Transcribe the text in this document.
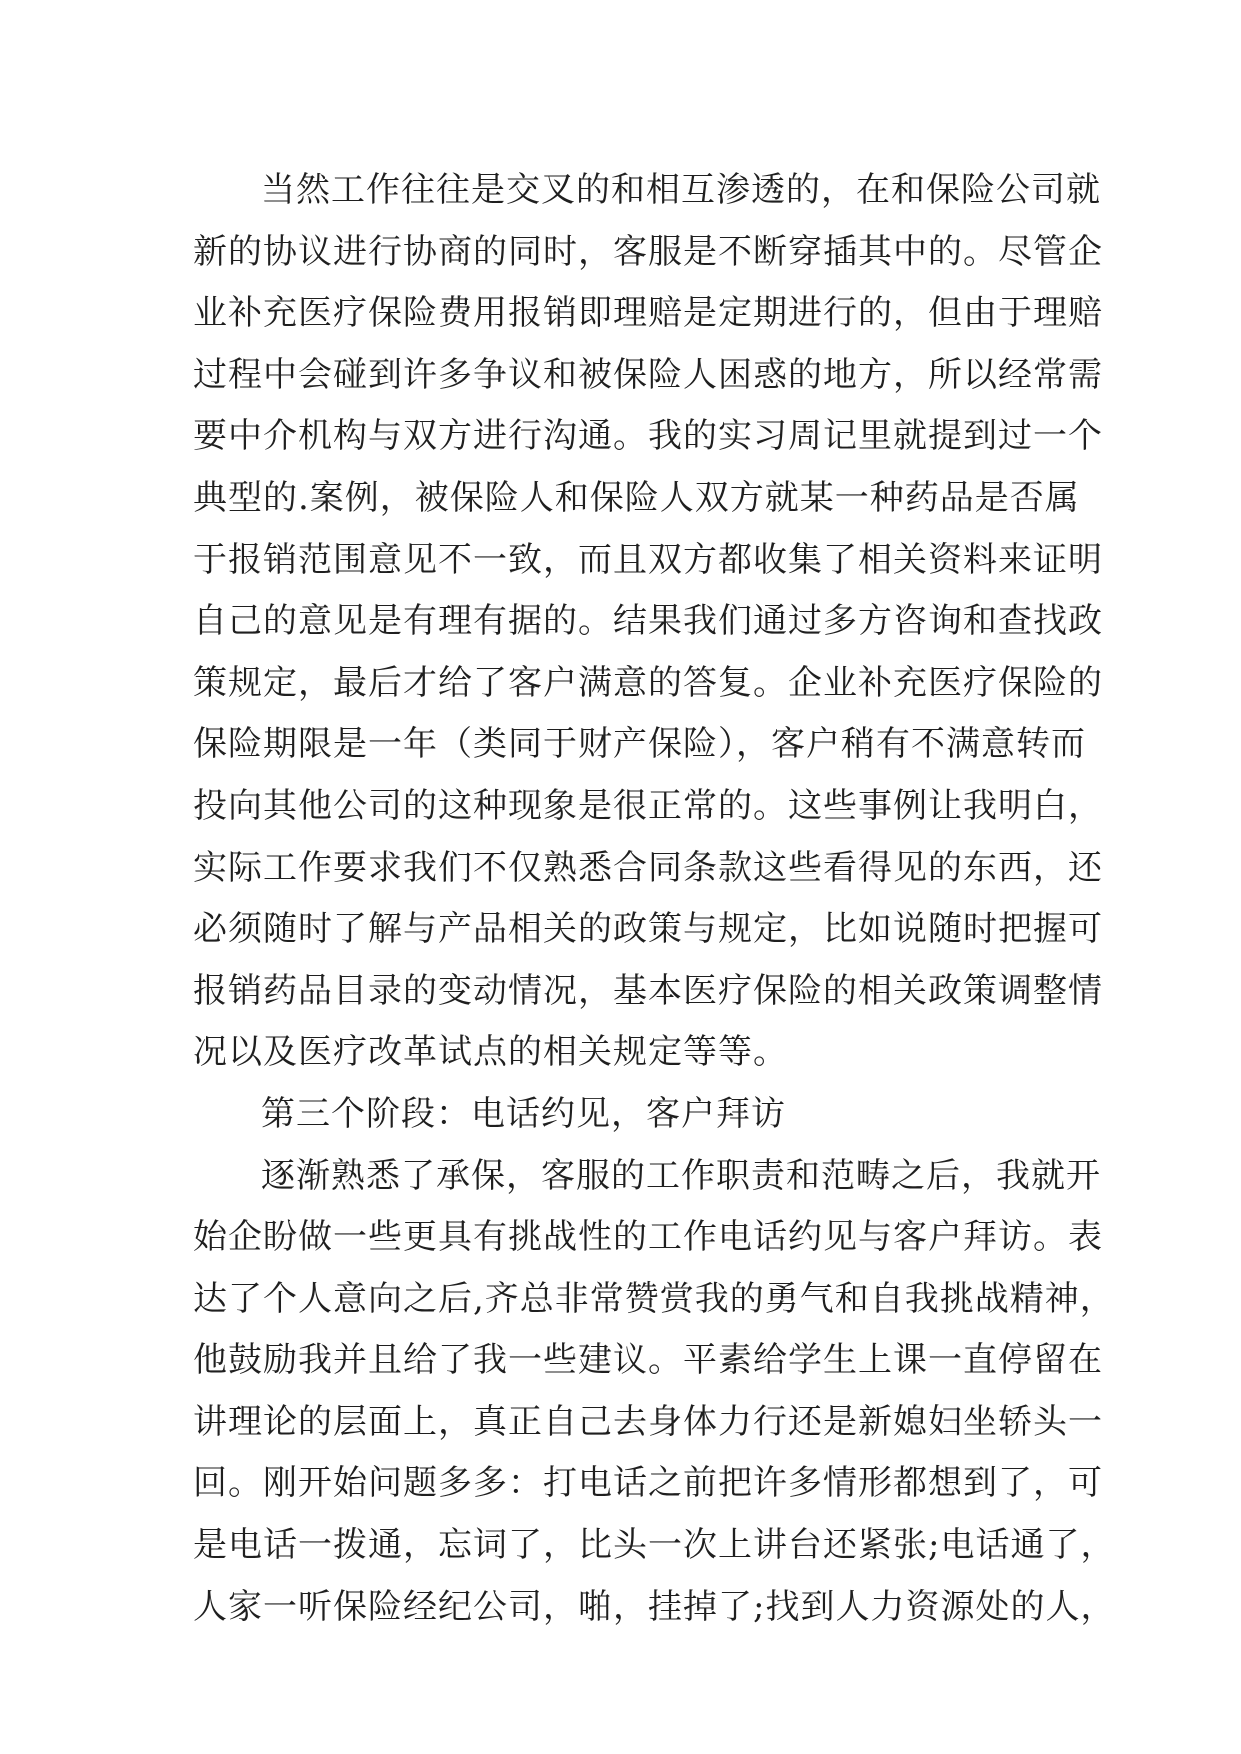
当然工作往往是交叉的和相互渗透的，在和保险公司就
新的协议进行协商的同时，客服是不断穿插其中的。尽管企
业补充医疗保险费用报销即理赔是定期进行的，但由于理赔
过程中会碰到许多争议和被保险人困惑的地方，所以经常需
要中介机构与双方进行沟通。我的实习周记里就提到过一个
典型的.案例，被保险人和保险人双方就某一种药品是否属
于报销范围意见不一致，而且双方都收集了相关资料来证明
自己的意见是有理有据的。结果我们通过多方咨询和查找政
策规定，最后才给了客户满意的答复。企业补充医疗保险的
保险期限是一年（类同于财产保险），客户稍有不满意转而
投向其他公司的这种现象是很正常的。这些事例让我明白，
实际工作要求我们不仅熟悉合同条款这些看得见的东西，还
必须随时了解与产品相关的政策与规定，比如说随时把握可
报销药品目录的变动情况，基本医疗保险的相关政策调整情
况以及医疗改革试点的相关规定等等。
第三个阶段：电话约见，客户拜访
逐渐熟悉了承保，客服的工作职责和范畴之后，我就开
始企盼做一些更具有挑战性的工作电话约见与客户拜访。表
达了个人意向之后,齐总非常赞赏我的勇气和自我挑战精神，
他鼓励我并且给了我一些建议。平素给学生上课一直停留在
讲理论的层面上，真正自己去身体力行还是新媳妇坐轿头一
回。刚开始问题多多：打电话之前把许多情形都想到了，可
是电话一拨通，忘词了，比头一次上讲台还紧张;电话通了，
人家一听保险经纪公司，啪，挂掉了;找到人力资源处的人，
